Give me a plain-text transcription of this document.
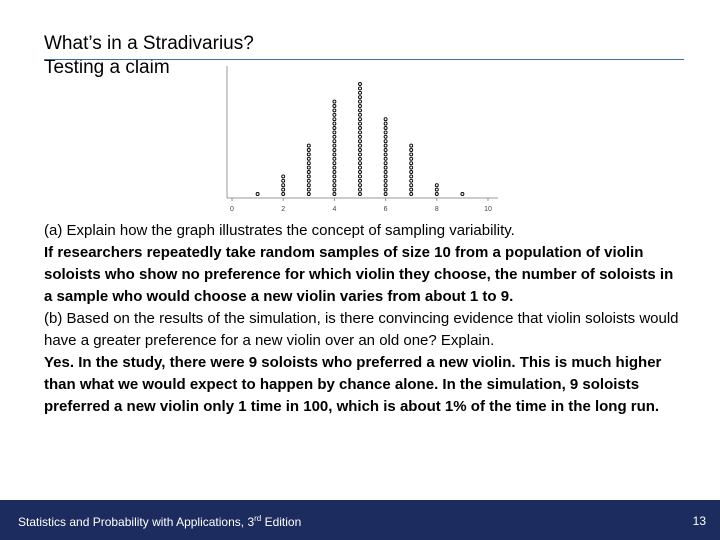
What’s in a Stradivarius?
Testing a claim
0	2	4	6	8	10

(a) Explain how the graph illustrates the concept of sampling variability.

If researchers repeatedly take random samples of size 10 from a population of violin soloists who show no preference for which violin they choose, the number of soloists in a sample who would choose a new violin varies from about 1 to 9.

(b) Based on the results of the simulation, is there convincing evidence that violin soloists would have a greater preference for a new violin over an old one? Explain.

Yes. In the study, there were 9 soloists who preferred a new violin. This is much higher than what we would expect to happen by chance alone. In the simulation, 9 soloists preferred a new violin only 1 time in 100, which is about 1% of the time in the long run.

Statistics and Probability with Applications, 3rd Edition	13
